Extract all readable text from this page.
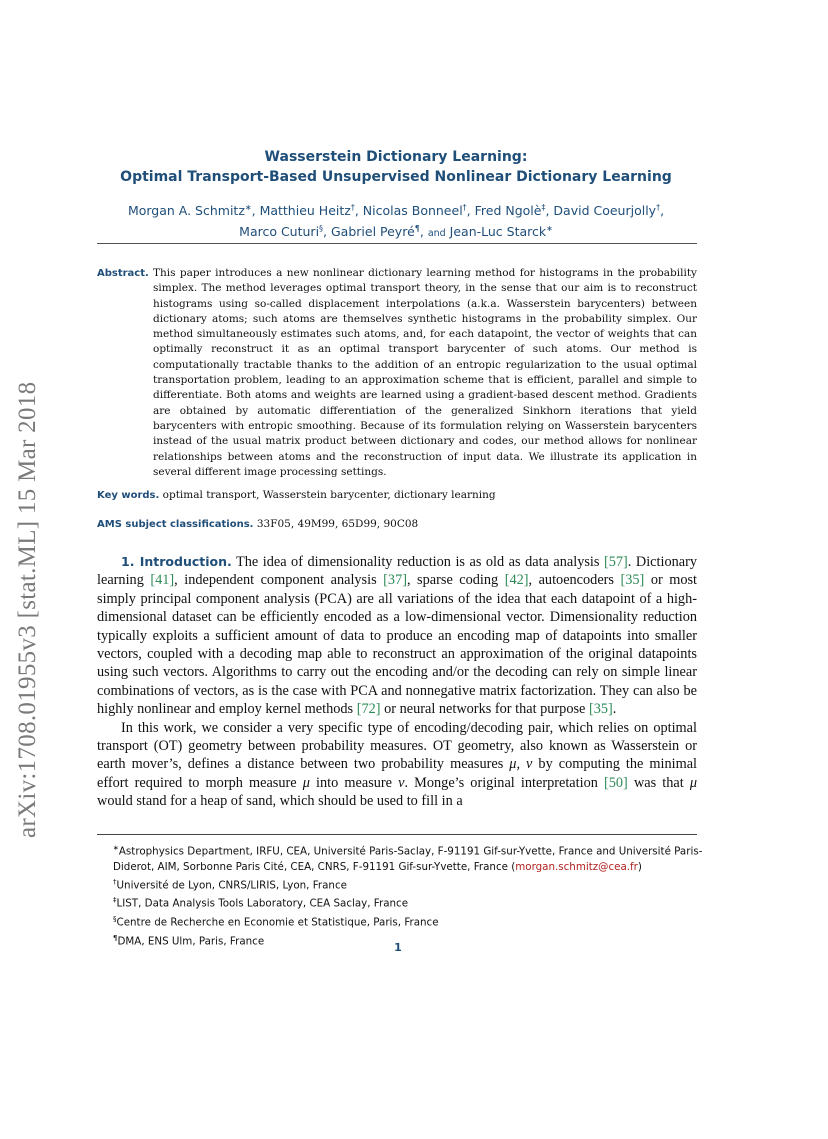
arXiv:1708.01955v3 [stat.ML] 15 Mar 2018
Wasserstein Dictionary Learning:
Optimal Transport-Based Unsupervised Nonlinear Dictionary Learning
Morgan A. Schmitz∗, Matthieu Heitz†, Nicolas Bonneel†, Fred Ngolè‡, David Coeurjolly†,
Marco Cuturi§, Gabriel Peyré¶, and Jean-Luc Starck∗
Abstract. This paper introduces a new nonlinear dictionary learning method for histograms in the probability simplex. The method leverages optimal transport theory, in the sense that our aim is to reconstruct histograms using so-called displacement interpolations (a.k.a. Wasserstein barycenters) between dictionary atoms; such atoms are themselves synthetic histograms in the probability simplex. Our method simultaneously estimates such atoms, and, for each datapoint, the vector of weights that can optimally reconstruct it as an optimal transport barycenter of such atoms. Our method is computationally tractable thanks to the addition of an entropic regularization to the usual optimal transportation problem, leading to an approximation scheme that is efficient, parallel and simple to differentiate. Both atoms and weights are learned using a gradient-based descent method. Gradients are obtained by automatic differentiation of the generalized Sinkhorn iterations that yield barycenters with entropic smoothing. Because of its formulation relying on Wasserstein barycenters instead of the usual matrix product between dictionary and codes, our method allows for nonlinear relationships between atoms and the reconstruction of input data. We illustrate its application in several different image processing settings.
Key words. optimal transport, Wasserstein barycenter, dictionary learning
AMS subject classifications. 33F05, 49M99, 65D99, 90C08

1. Introduction. The idea of dimensionality reduction is as old as data analysis [57]. Dictionary learning [41], independent component analysis [37], sparse coding [42], autoencoders [35] or most simply principal component analysis (PCA) are all variations of the idea that each datapoint of a high-dimensional dataset can be efficiently encoded as a low-dimensional vector. Dimensionality reduction typically exploits a sufficient amount of data to produce an encoding map of datapoints into smaller vectors, coupled with a decoding map able to reconstruct an approximation of the original datapoints using such vectors. Algorithms to carry out the encoding and/or the decoding can rely on simple linear combinations of vectors, as is the case with PCA and nonnegative matrix factorization. They can also be highly nonlinear and employ kernel methods [72] or neural networks for that purpose [35].

In this work, we consider a very specific type of encoding/decoding pair, which relies on optimal transport (OT) geometry between probability measures. OT geometry, also known as Wasserstein or earth mover’s, defines a distance between two probability measures μ, ν by computing the minimal effort required to morph measure μ into measure ν. Monge’s original interpretation [50] was that μ would stand for a heap of sand, which should be used to fill in a

∗Astrophysics Department, IRFU, CEA, Université Paris-Saclay, F-91191 Gif-sur-Yvette, France and Université Paris-Diderot, AIM, Sorbonne Paris Cité, CEA, CNRS, F-91191 Gif-sur-Yvette, France (morgan.schmitz@cea.fr)
†Université de Lyon, CNRS/LIRIS, Lyon, France
‡LIST, Data Analysis Tools Laboratory, CEA Saclay, France
§Centre de Recherche en Economie et Statistique, Paris, France
¶DMA, ENS Ulm, Paris, France	1
